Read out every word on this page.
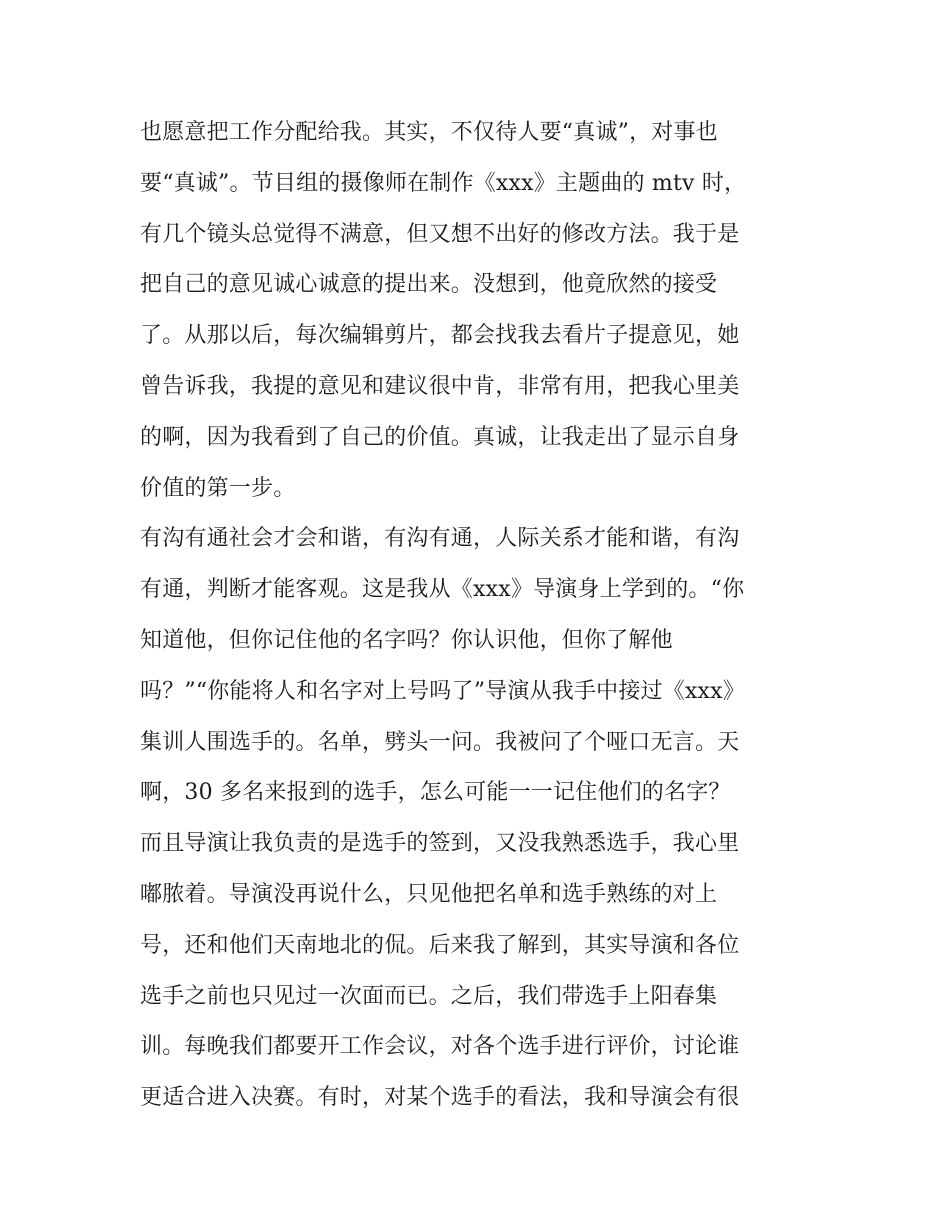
也愿意把工作分配给我。其实，不仅待人要“真诚”，对事也
要“真诚”。节目组的摄像师在制作《xxx》主题曲的 mtv 时，
有几个镜头总觉得不满意，但又想不出好的修改方法。我于是
把自己的意见诚心诚意的提出来。没想到，他竟欣然的接受
了。从那以后，每次编辑剪片，都会找我去看片子提意见，她
曾告诉我，我提的意见和建议很中肯，非常有用，把我心里美
的啊，因为我看到了自己的价值。真诚，让我走出了显示自身
价值的第一步。
有沟有通社会才会和谐，有沟有通，人际关系才能和谐，有沟
有通，判断才能客观。这是我从《xxx》导演身上学到的。“你
知道他，但你记住他的名字吗？你认识他，但你了解他
吗？”“你能将人和名字对上号吗了”导演从我手中接过《xxx》
集训人围选手的。名单，劈头一问。我被问了个哑口无言。天
啊，30 多名来报到的选手，怎么可能一一记住他们的名字？
而且导演让我负责的是选手的签到，又没我熟悉选手，我心里
嘟脓着。导演没再说什么，只见他把名单和选手熟练的对上
号，还和他们天南地北的侃。后来我了解到，其实导演和各位
选手之前也只见过一次面而已。之后，我们带选手上阳春集
训。每晚我们都要开工作会议，对各个选手进行评价，讨论谁
更适合进入决赛。有时，对某个选手的看法，我和导演会有很
